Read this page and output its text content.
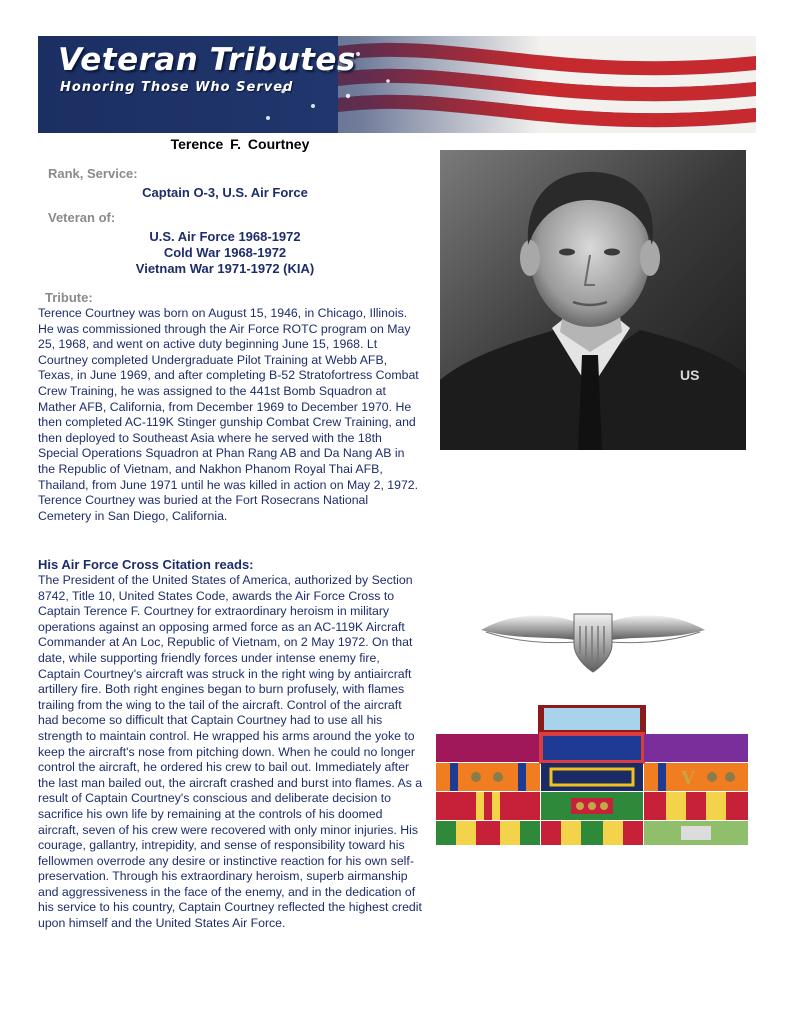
Veteran Tributes
Honoring Those Who Served
Terence F. Courtney
Rank, Service:
Captain O-3, U.S. Air Force
Veteran of:
U.S. Air Force 1968-1972
Cold War 1968-1972
Vietnam War 1971-1972 (KIA)
Tribute:
Terence Courtney was born on August 15, 1946, in Chicago, Illinois. He was commissioned through the Air Force ROTC program on May 25, 1968, and went on active duty beginning June 15, 1968. Lt Courtney completed Undergraduate Pilot Training at Webb AFB, Texas, in June 1969, and after completing B-52 Stratofortress Combat Crew Training, he was assigned to the 441st Bomb Squadron at Mather AFB, California, from December 1969 to December 1970. He then completed AC-119K Stinger gunship Combat Crew Training, and then deployed to Southeast Asia where he served with the 18th Special Operations Squadron at Phan Rang AB and Da Nang AB in the Republic of Vietnam, and Nakhon Phanom Royal Thai AFB, Thailand, from June 1971 until he was killed in action on May 2, 1972. Terence Courtney was buried at the Fort Rosecrans National Cemetery in San Diego, California.
His Air Force Cross Citation reads:
The President of the United States of America, authorized by Section 8742, Title 10, United States Code, awards the Air Force Cross to Captain Terence F. Courtney for extraordinary heroism in military operations against an opposing armed force as an AC-119K Aircraft Commander at An Loc, Republic of Vietnam, on 2 May 1972. On that date, while supporting friendly forces under intense enemy fire, Captain Courtney's aircraft was struck in the right wing by antiaircraft artillery fire. Both right engines began to burn profusely, with flames trailing from the wing to the tail of the aircraft. Control of the aircraft had become so difficult that Captain Courtney had to use all his strength to maintain control. He wrapped his arms around the yoke to keep the aircraft's nose from pitching down. When he could no longer control the aircraft, he ordered his crew to bail out. Immediately after the last man bailed out, the aircraft crashed and burst into flames. As a result of Captain Courtney's conscious and deliberate decision to sacrifice his own life by remaining at the controls of his doomed aircraft, seven of his crew were recovered with only minor injuries. His courage, gallantry, intrepidity, and sense of responsibility toward his fellowmen overrode any desire or instinctive reaction for his own self-preservation. Through his extraordinary heroism, superb airmanship and aggressiveness in the face of the enemy, and in the dedication of his service to his country, Captain Courtney reflected the highest credit upon himself and the United States Air Force.
US
V
